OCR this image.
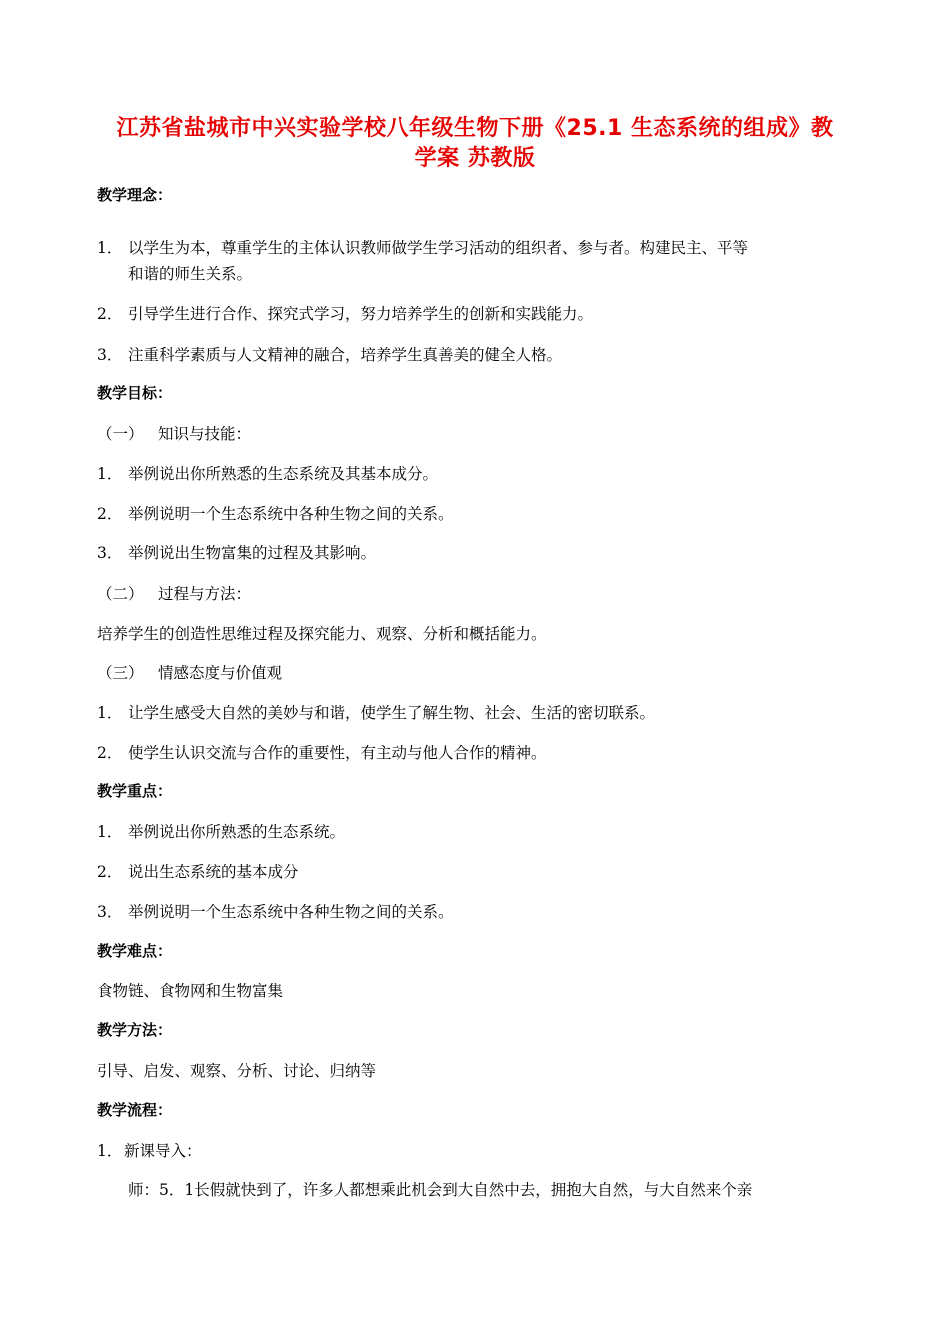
江苏省盐城市中兴实验学校八年级生物下册《25.1 生态系统的组成》教
学案 苏教版
教学理念：
1． 以学生为本，尊重学生的主体认识教师做学生学习活动的组织者、参与者。构建民主、平等
和谐的师生关系。
2． 引导学生进行合作、探究式学习，努力培养学生的创新和实践能力。
3． 注重科学素质与人文精神的融合，培养学生真善美的健全人格。
教学目标：
（一） 知识与技能：
1． 举例说出你所熟悉的生态系统及其基本成分。
2． 举例说明一个生态系统中各种生物之间的关系。
3． 举例说出生物富集的过程及其影响。
（二） 过程与方法：
培养学生的创造性思维过程及探究能力、观察、分析和概括能力。
（三） 情感态度与价值观
1． 让学生感受大自然的美妙与和谐，使学生了解生物、社会、生活的密切联系。
2． 使学生认识交流与合作的重要性，有主动与他人合作的精神。
教学重点：
1． 举例说出你所熟悉的生态系统。
2． 说出生态系统的基本成分
3． 举例说明一个生态系统中各种生物之间的关系。
教学难点：
食物链、食物网和生物富集
教学方法：
引导、启发、观察、分析、讨论、归纳等
教学流程：
1． 新课导入：
师：5．1长假就快到了，许多人都想乘此机会到大自然中去，拥抱大自然，与大自然来个亲
